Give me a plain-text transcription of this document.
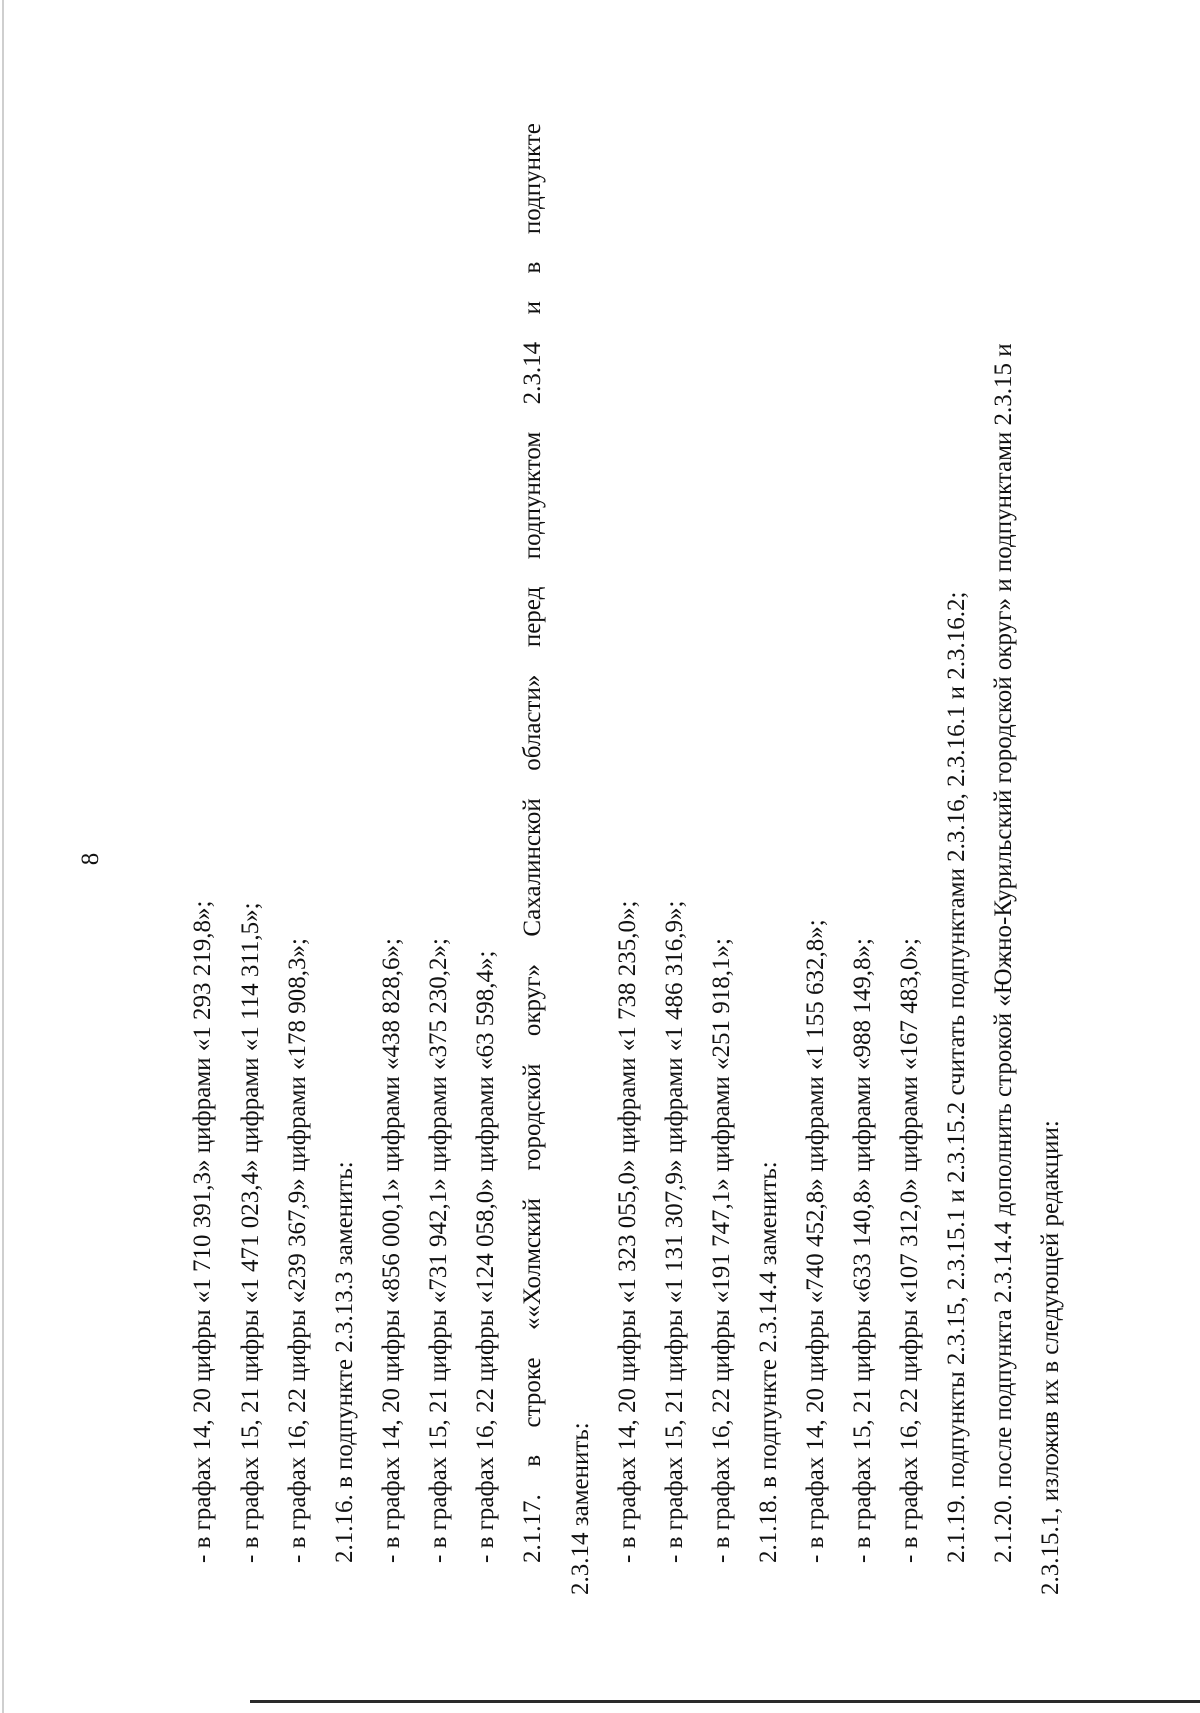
8
- в графах 14, 20 цифры «1 710 391,3» цифрами «1 293 219,8»; - в графах 15, 21 цифры «1 471 023,4» цифрами «1 114 311,5»; - в графах 16, 22 цифры «239 367,9» цифрами «178 908,3»; 2.1.16. в подпункте 2.3.13.3 заменить: - в графах 14, 20 цифры «856 000,1» цифрами «438 828,6»; - в графах 15, 21 цифры «731 942,1» цифрами «375 230,2»; - в графах 16, 22 цифры «124 058,0» цифрами «63 598,4»; 2.1.17.
в
строке
««Холмский
городской
округ»
Сахалинской
области»
перед
подпунктом
2.3.14
и
в
подпункте
2.3.14 заменить: - в графах 14, 20 цифры «1 323 055,0» цифрами «1 738 235,0»; - в графах 15, 21 цифры «1 131 307,9» цифрами «1 486 316,9»; - в графах 16, 22 цифры «191 747,1» цифрами «251 918,1»; 2.1.18. в подпункте 2.3.14.4 заменить: - в графах 14, 20 цифры «740 452,8» цифрами «1 155 632,8»; - в графах 15, 21 цифры «633 140,8» цифрами «988 149,8»; - в графах 16, 22 цифры «107 312,0» цифрами «167 483,0»; 2.1.19. подпункты 2.3.15, 2.3.15.1 и 2.3.15.2 считать подпунктами 2.3.16, 2.3.16.1 и 2.3.16.2; 2.1.20. после подпункта 2.3.14.4 дополнить строкой «Южно-Курильский городской округ» и подпунктами 2.3.15 и 2.3.15.1, изложив их в следующей редакции:
